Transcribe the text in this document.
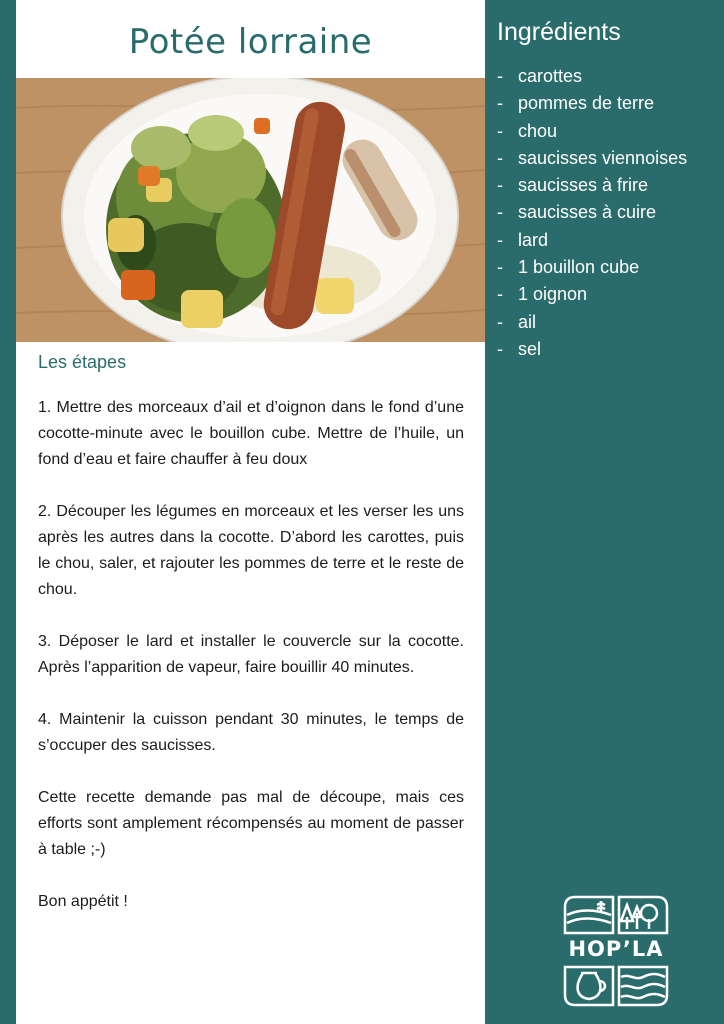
Potée lorraine
Les étapes

1. Mettre des morceaux d’ail et d’oignon dans le fond d’une cocotte-minute avec le bouillon cube. Mettre de l’huile, un fond d’eau et faire chauffer à feu doux

2. Découper les légumes en morceaux et les verser les uns après les autres dans la cocotte. D’abord les carottes, puis le chou, saler, et rajouter les pommes de terre et le reste de chou.

3. Déposer le lard et installer le couvercle sur la cocotte. Après l’apparition de vapeur, faire bouillir 40 minutes.

4. Maintenir la cuisson pendant 30 minutes, le temps de s’occuper des saucisses.

Cette recette demande pas mal de découpe, mais ces efforts sont amplement récompensés au moment de passer à table ;-)

Bon appétit !

Ingrédients
- carottes
- pommes de terre
- chou
- saucisses viennoises
- saucisses à frire
- saucisses à cuire
- lard
- 1 bouillon cube
- 1 oignon
- ail
- sel
HOP’LA
